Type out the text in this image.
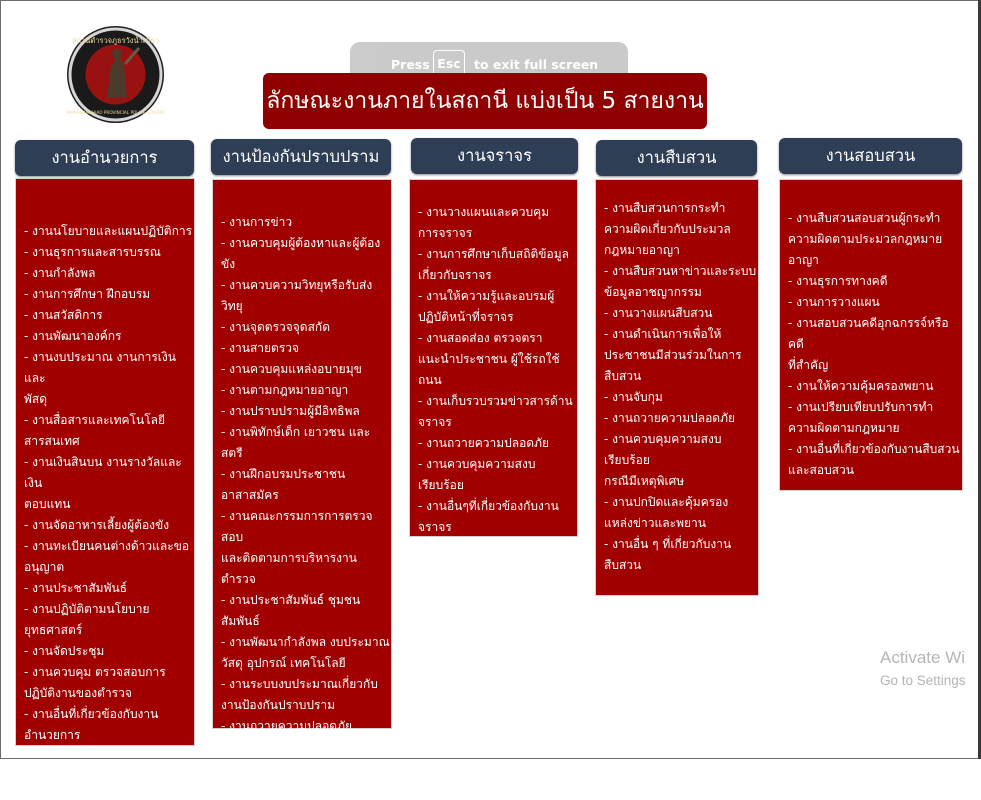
สถานีตำรวจภูธรวังน้ำเขียว
WANGNAMKHIAO PROVINCIAL POLICE STATION
Press Esc	to exit full screen
ลักษณะงานภายในสถานี แบ่งเป็น 5 สายงาน
งานอำนวยการ	งานป้องกันปราบปราม	งานจราจร	งานสืบสวน	งานสอบสวน
- งานนโยบายและแผนปฏิบัติการ
- งานธุรการและสารบรรณ
- งานกำลังพล
- งานการศึกษา ฝึกอบรม
- งานสวัสดิการ
- งานพัฒนาองค์กร
- งานงบประมาณ งานการเงินและ
พัสดุ
- งานสื่อสารและเทคโนโลยี
สารสนเทศ
- งานเงินสินบน งานรางวัลและเงิน
ตอบแทน
- งานจัดอาหารเลี้ยงผู้ต้องขัง
- งานทะเบียนคนต่างด้าวและขอ
อนุญาต
- งานประชาสัมพันธ์
- งานปฏิบัติตามนโยบาย
ยุทธศาสตร์
- งานจัดประชุม
- งานควบคุม ตรวจสอบการ
ปฏิบัติงานของตำรวจ
- งานอื่นที่เกี่ยวข้องกับงาน
อำนวยการ
- งานการข่าว
- งานควบคุมผู้ต้องหาและผู้ต้องขัง
- งานควบความวิทยุหรือรับส่งวิทยุ
- งานจุดตรวจจุดสกัด
- งานสายตรวจ
- งานควบคุมแหล่งอบายมุข
- งานตามกฎหมายอาญา
- งานปราบปรามผู้มีอิทธิพล
- งานพิทักษ์เด็ก เยาวชน และสตรี
- งานฝึกอบรมประชาชน
อาสาสมัคร
- งานคณะกรรมการการตรวจสอบ
และติดตามการบริหารงานตำรวจ
- งานประชาสัมพันธ์ ชุมชน
สัมพันธ์
- งานพัฒนากำลังพล งบประมาณ
วัสดุ อุปกรณ์ เทคโนโลยี
- งานระบบงบประมาณเกี่ยวกับ
งานป้องกันปราบปราม
- งานถวายความปลอดภัย
- งานควบคุมความสงบเรียบร้อย
- งานอื่นที่เกี่ยวกับงานป้องกัน
ปราบปราม
- งานวางแผนและควบคุม
การจราจร
- งานการศึกษาเก็บสถิติข้อมูล
เกี่ยวกับจราจร
- งานให้ความรู้และอบรมผู้
ปฏิบัติหน้าที่จราจร
- งานสอดส่อง ตรวจตรา
แนะนำประชาชน ผู้ใช้รถใช้ถนน
- งานเก็บรวบรวมข่าวสารด้าน
จราจร
- งานถวายความปลอดภัย
- งานควบคุมความสงบ
เรียบร้อย
- งานอื่นๆที่เกี่ยวข้องกับงาน
จราจร
- งานสืบสวนการกระทำ
ความผิดเกี่ยวกับประมวล
กฎหมายอาญา
- งานสืบสวนหาข่าวและระบบ
ข้อมูลอาชญากรรม
- งานวางแผนสืบสวน
- งานดำเนินการเพื่อให้
ประชาชนมีส่วนร่วมในการ
สืบสวน
- งานจับกุม
- งานถวายความปลอดภัย
- งานควบคุมความสงบเรียบร้อย
กรณีมีเหตุพิเศษ
- งานปกปิดและคุ้มครอง
แหล่งข่าวและพยาน
- งานอื่น ๆ ที่เกี่ยวกับงาน
สืบสวน
- งานสืบสวนสอบสวนผู้กระทำ
ความผิดตามประมวลกฎหมาย
อาญา
- งานธุรการทางคดี
- งานการวางแผน
- งานสอบสวนคดีอุกฉกรรจ์หรือคดี
ที่สำคัญ
- งานให้ความคุ้มครองพยาน
- งานเปรียบเทียบปรับการทำ
ความผิดตามกฎหมาย
- งานอื่นที่เกี่ยวข้องกับงานสืบสวน
และสอบสวน
Activate Wi
Go to Settings
